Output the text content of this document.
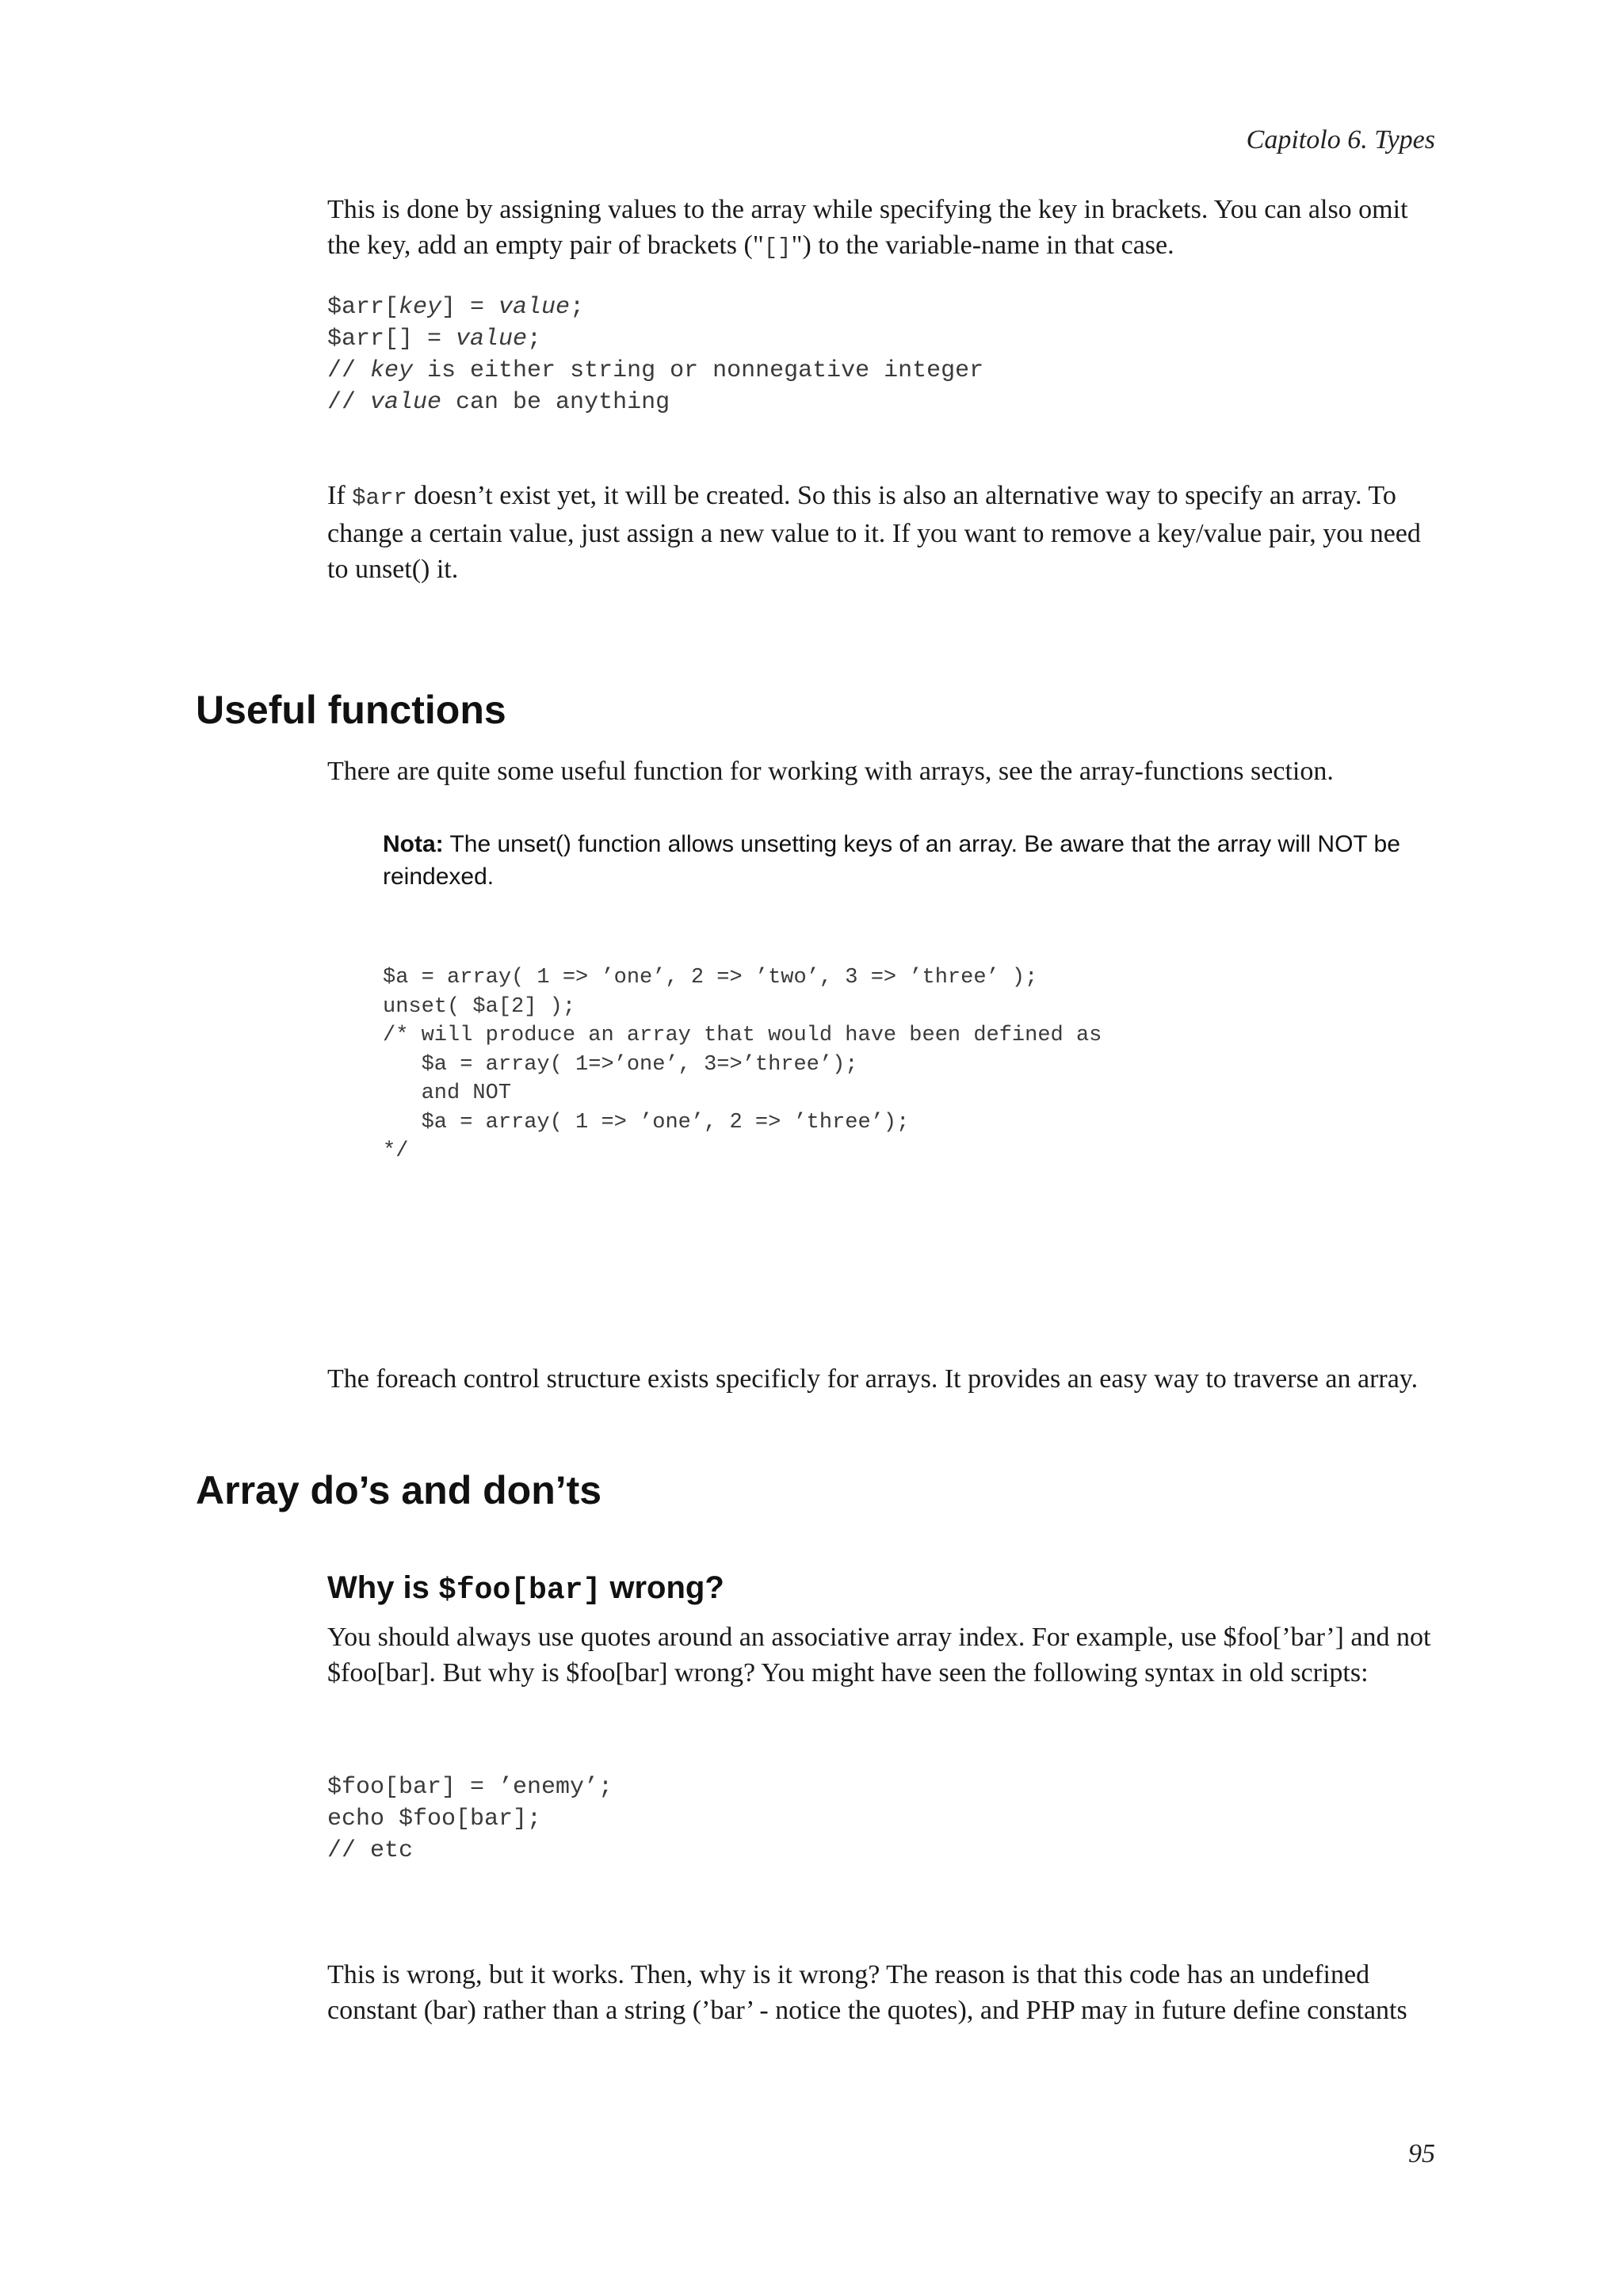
Capitolo 6. Types

This is done by assigning values to the array while specifying the key in brackets. You can also omit the key, add an empty pair of brackets ("[]") to the variable-name in that case.

$arr[key] = value;
$arr[] = value;
// key is either string or nonnegative integer
// value can be anything

If $arr doesn’t exist yet, it will be created. So this is also an alternative way to specify an array. To change a certain value, just assign a new value to it. If you want to remove a key/value pair, you need to unset() it.

Useful functions

There are quite some useful function for working with arrays, see the array-functions section.

Nota: The unset() function allows unsetting keys of an array. Be aware that the array will NOT be reindexed.

$a = array( 1 => ’one’, 2 => ’two’, 3 => ’three’ );
unset( $a[2] );
/* will produce an array that would have been defined as
$a = array( 1=>’one’, 3=>’three’);
and NOT
$a = array( 1 => ’one’, 2 => ’three’);
*/

The foreach control structure exists specificly for arrays. It provides an easy way to traverse an array.

Array do’s and don’ts
Why is $foo[bar] wrong?

You should always use quotes around an associative array index. For example, use $foo[’bar’] and not $foo[bar]. But why is $foo[bar] wrong? You might have seen the following syntax in old scripts:

$foo[bar] = ’enemy’;
echo $foo[bar];
// etc

This is wrong, but it works. Then, why is it wrong? The reason is that this code has an undefined constant (bar) rather than a string (’bar’ - notice the quotes), and PHP may in future define constants

95
